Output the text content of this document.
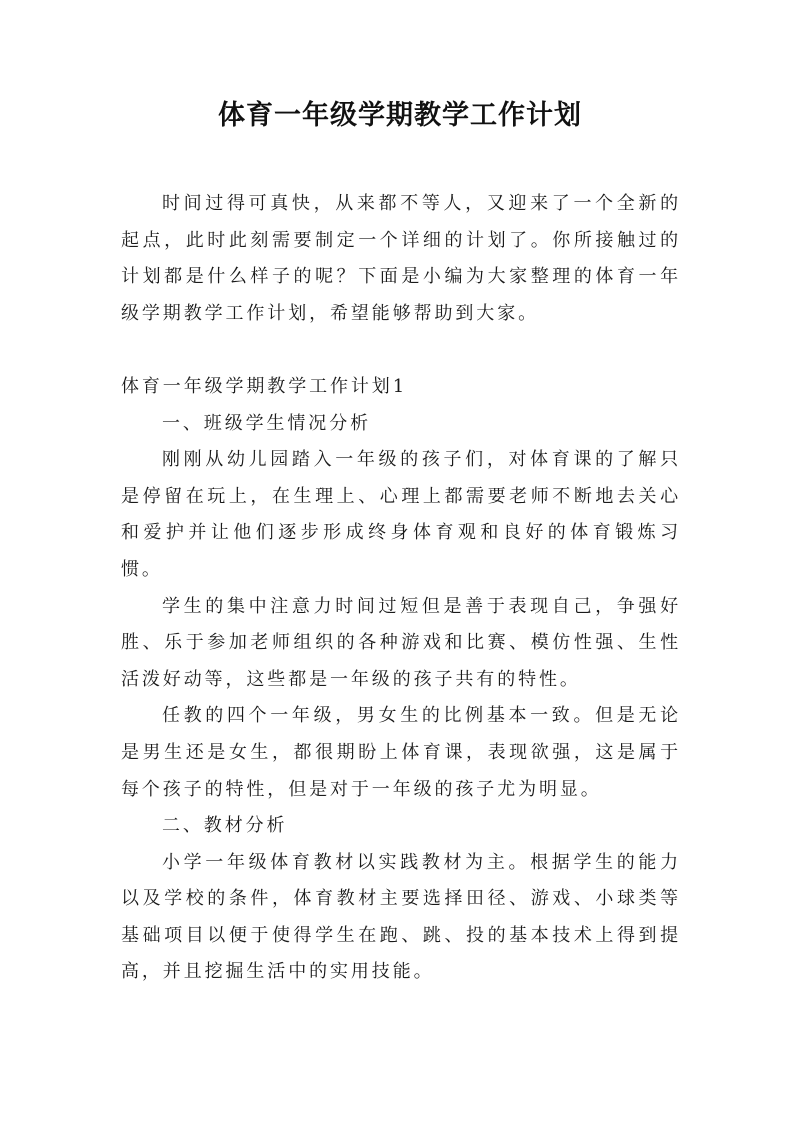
体育一年级学期教学工作计划

时间过得可真快，从来都不等人，又迎来了一个全新的起点，此时此刻需要制定一个详细的计划了。你所接触过的计划都是什么样子的呢？下面是小编为大家整理的体育一年级学期教学工作计划，希望能够帮助到大家。

体育一年级学期教学工作计划1

一、班级学生情况分析

刚刚从幼儿园踏入一年级的孩子们，对体育课的了解只是停留在玩上，在生理上、心理上都需要老师不断地去关心和爱护并让他们逐步形成终身体育观和良好的体育锻炼习惯。

学生的集中注意力时间过短但是善于表现自己，争强好胜、乐于参加老师组织的各种游戏和比赛、模仿性强、生性活泼好动等，这些都是一年级的孩子共有的特性。

任教的四个一年级，男女生的比例基本一致。但是无论是男生还是女生，都很期盼上体育课，表现欲强，这是属于每个孩子的特性，但是对于一年级的孩子尤为明显。

二、教材分析

小学一年级体育教材以实践教材为主。根据学生的能力以及学校的条件，体育教材主要选择田径、游戏、小球类等基础项目以便于使得学生在跑、跳、投的基本技术上得到提高，并且挖掘生活中的实用技能。
